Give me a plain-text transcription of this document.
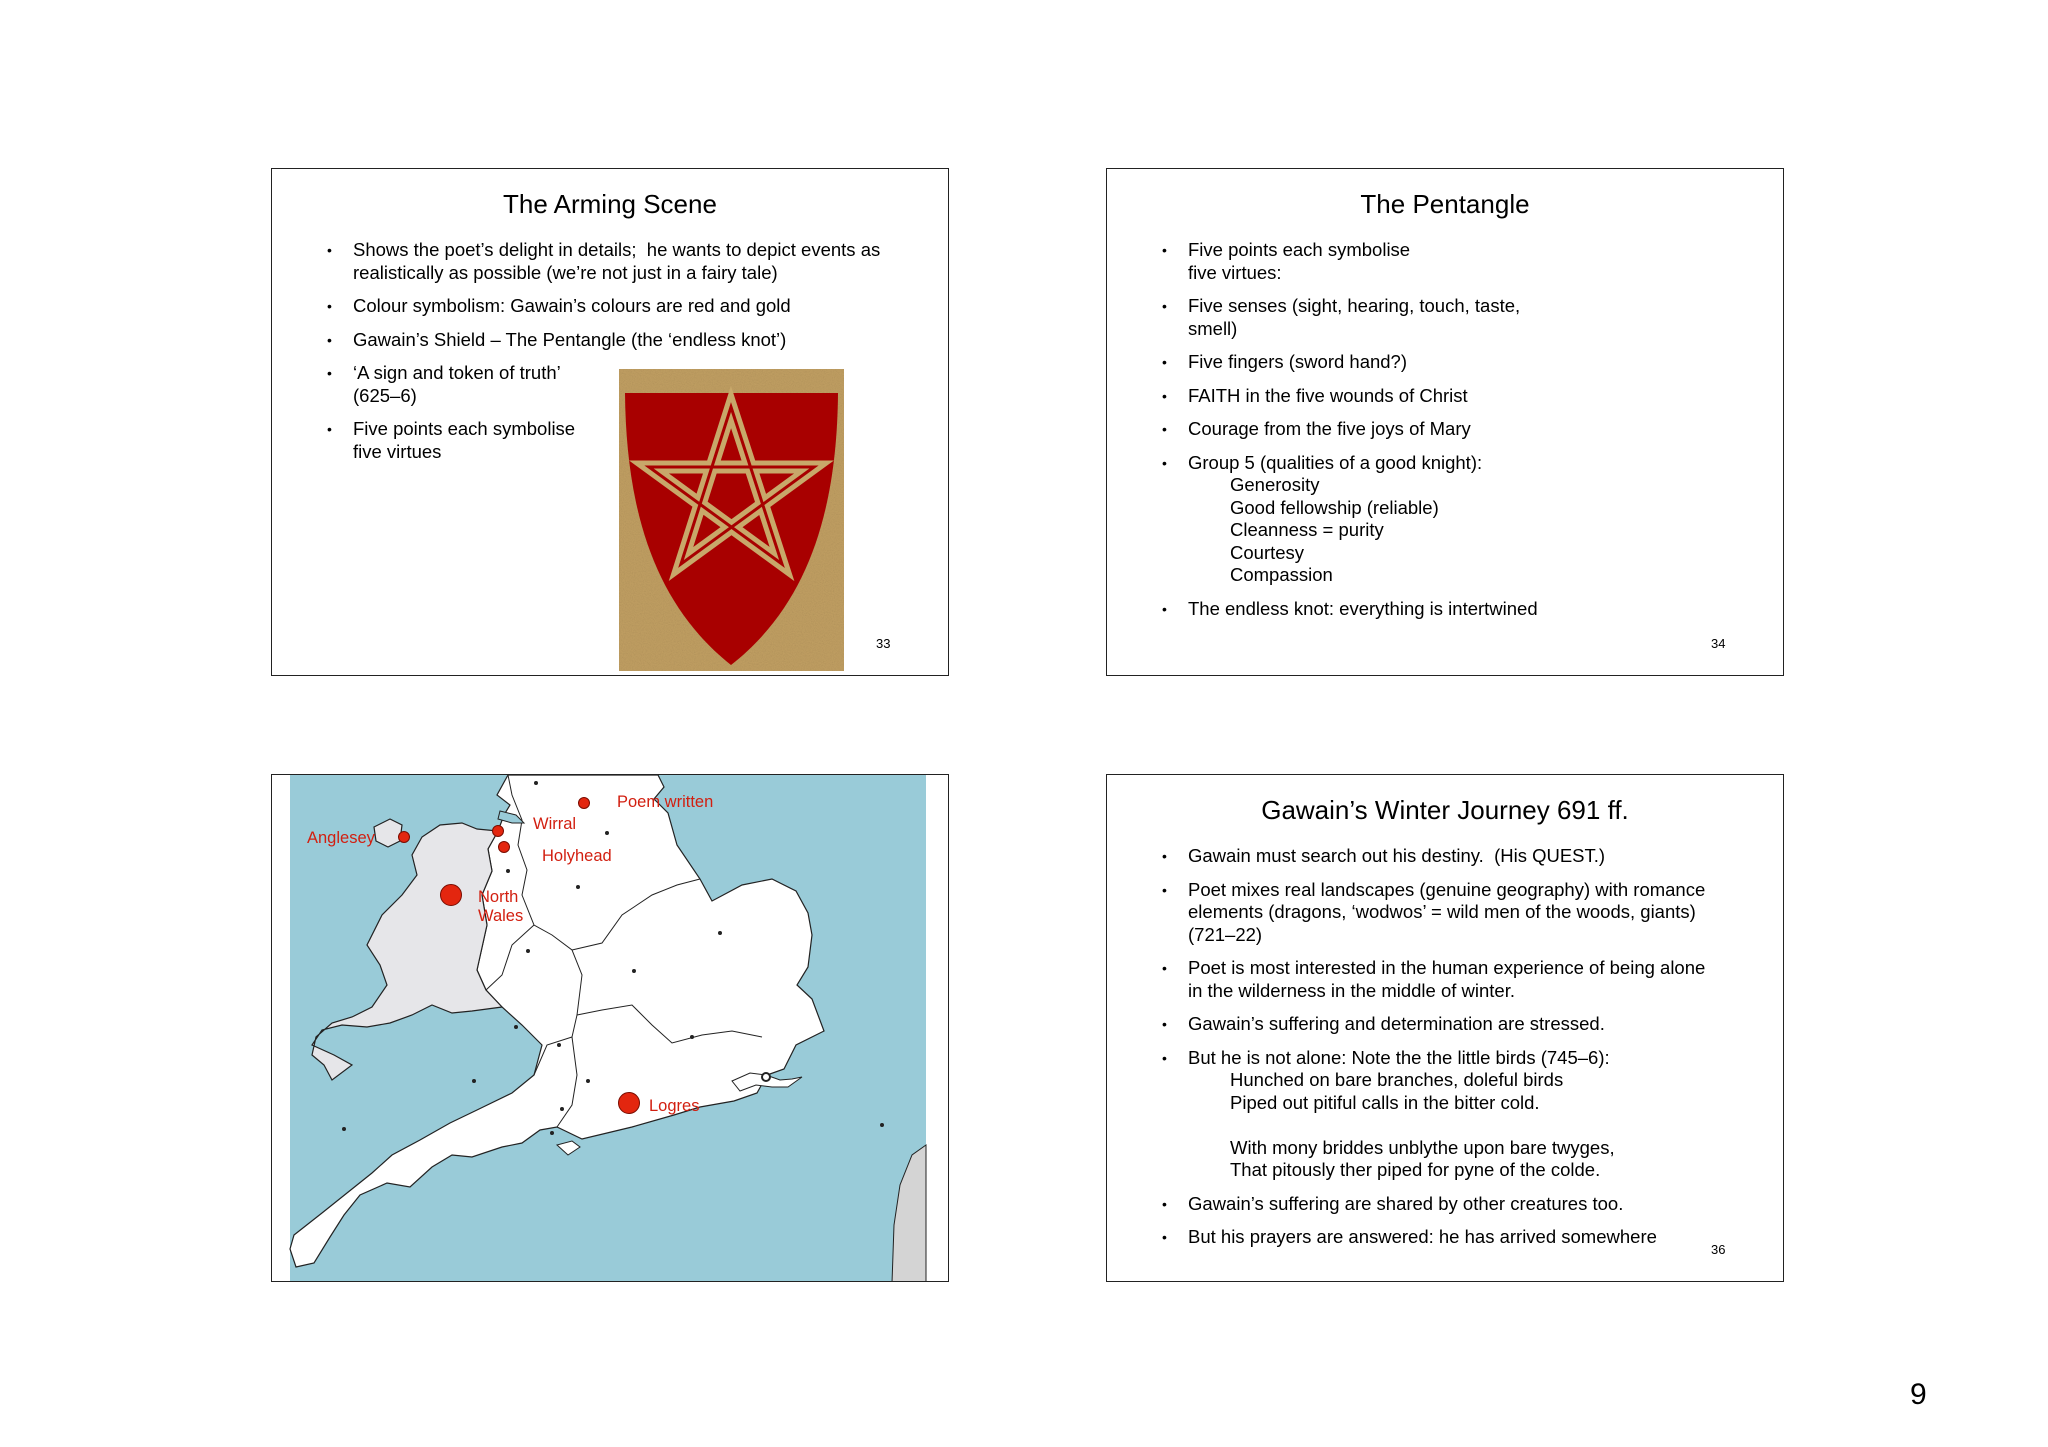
The Arming Scene
• Shows the poet’s delight in details;  he wants to depict events as
realistically as possible (we’re not just in a fairy tale)
• Colour symbolism: Gawain’s colours are red and gold
• Gawain’s Shield – The Pentangle (the ‘endless knot’)
• ‘A sign and token of truth’
(625–6)
• Five points each symbolise
five virtues
33
The Pentangle
• Five points each symbolise
five virtues:
• Five senses (sight, hearing, touch, taste,
smell)
• Five fingers (sword hand?)
• FAITH in the five wounds of Christ
• Courage from the five joys of Mary
• Group 5 (qualities of a good knight):
Generosity
Good fellowship (reliable)
Cleanness = purity
Courtesy
Compassion
• The endless knot: everything is intertwined
34
Anglesey
Wirral
Poem written
Holyhead
North
Wales
Logres
Gawain’s Winter Journey 691 ff.
• Gawain must search out his destiny.  (His QUEST.)
• Poet mixes real landscapes (genuine geography) with romance
elements (dragons, ‘wodwos’ = wild men of the woods, giants)
(721–22)
• Poet is most interested in the human experience of being alone
in the wilderness in the middle of winter.
• Gawain’s suffering and determination are stressed.
• But he is not alone: Note the the little birds (745–6):
Hunched on bare branches, doleful birds
Piped out pitiful calls in the bitter cold.
With mony briddes unblythe upon bare twyges,
That pitously ther piped for pyne of the colde.
• Gawain’s suffering are shared by other creatures too.
• But his prayers are answered: he has arrived somewhere
36
9
